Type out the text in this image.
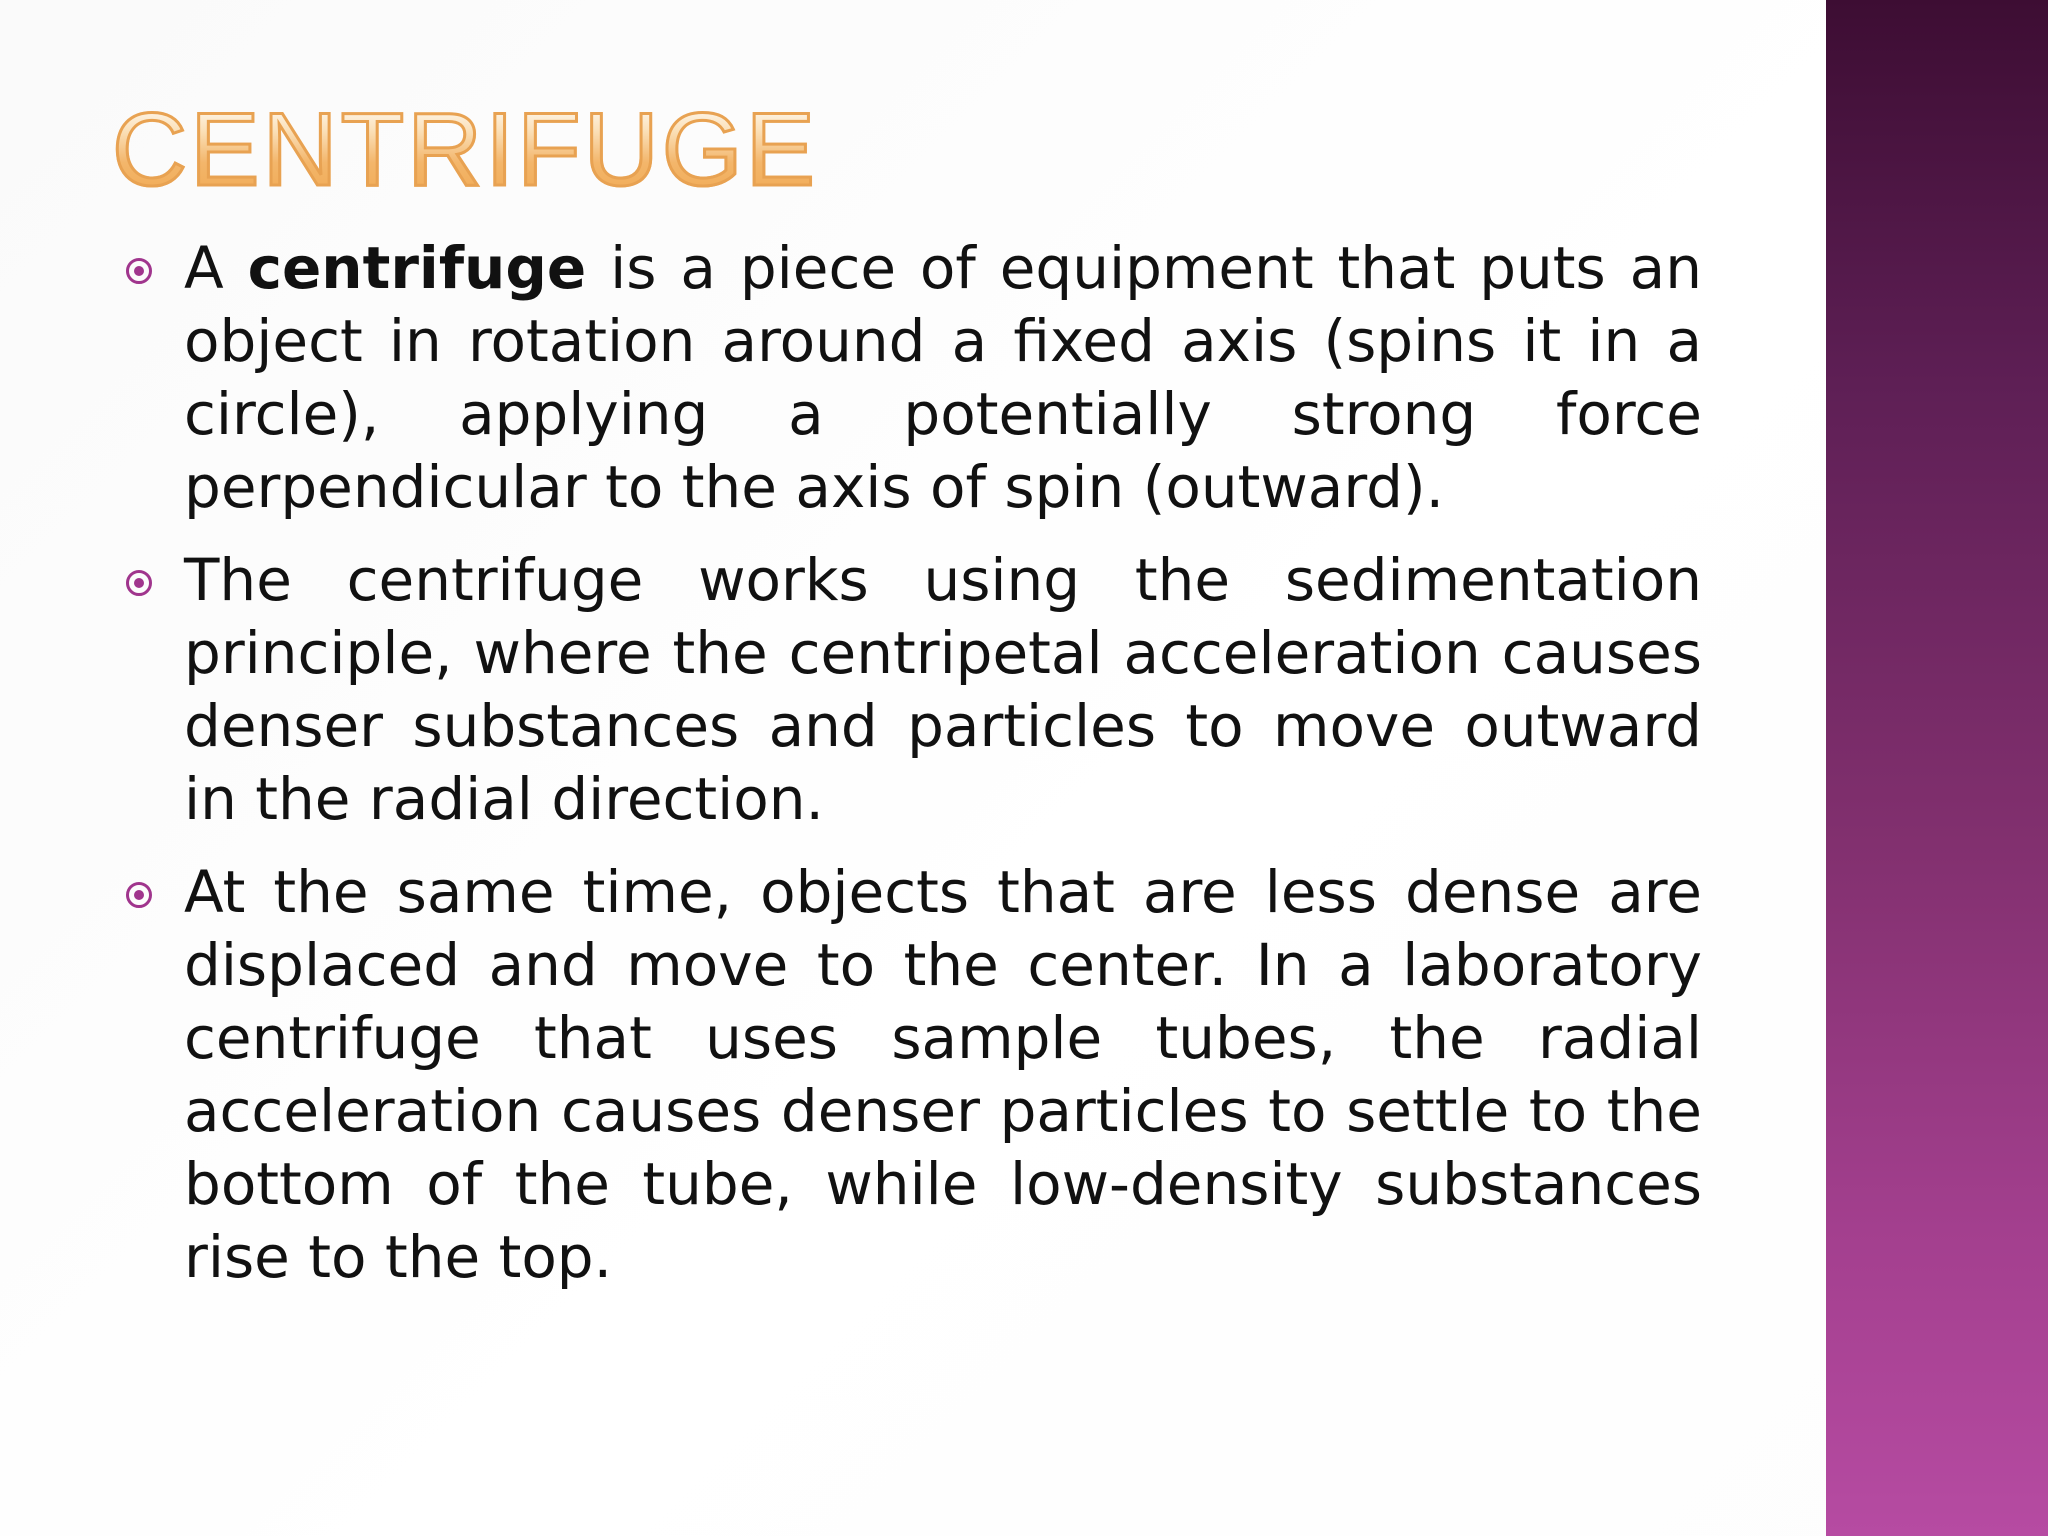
CENTRIFUGE
A centrifuge is a piece of equipment that puts an object in rotation around a fixed axis (spins it in a circle), applying a potentially strong force perpendicular to the axis of spin (outward).
The centrifuge works using the sedimentation principle, where the centripetal acceleration causes denser substances and particles to move outward in the radial direction.
At the same time, objects that are less dense are displaced and move to the center. In a laboratory centrifuge that uses sample tubes, the radial acceleration causes denser particles to settle to the bottom of the tube, while low-density substances rise to the top.
